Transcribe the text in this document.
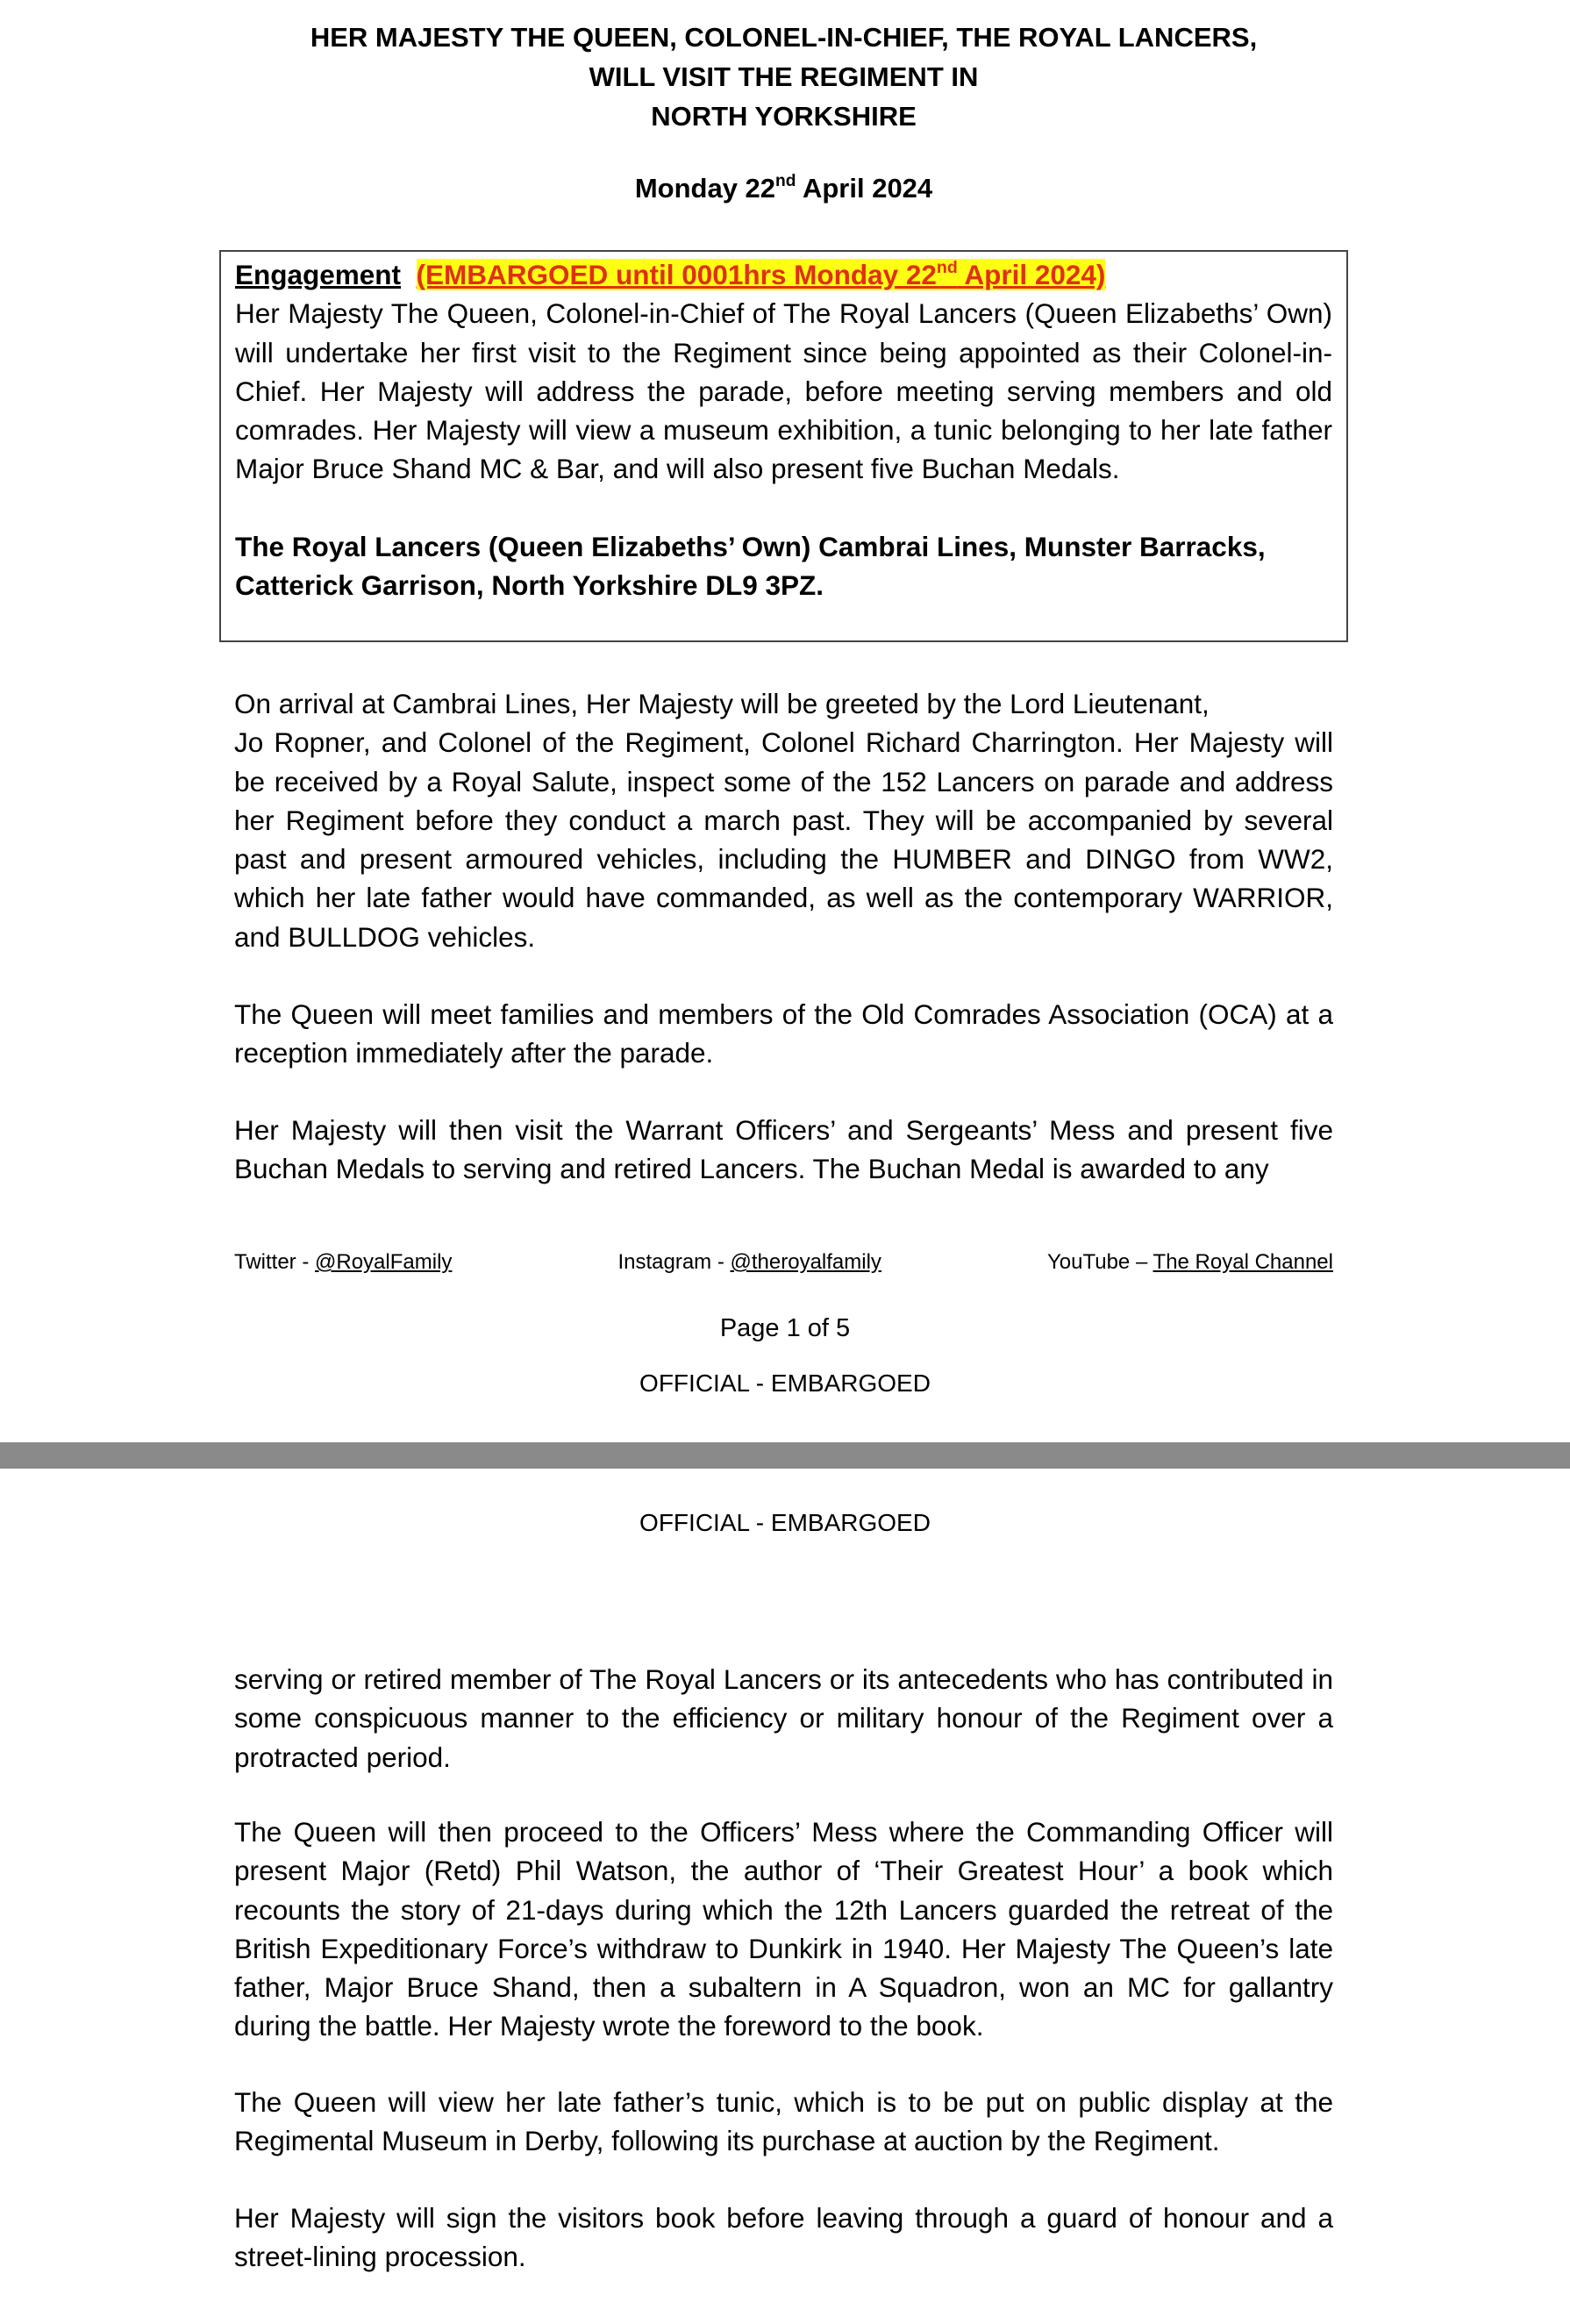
HER MAJESTY THE QUEEN, COLONEL-IN-CHIEF, THE ROYAL LANCERS,
WILL VISIT THE REGIMENT IN
NORTH YORKSHIRE
Monday 22nd April 2024
Engagement (EMBARGOED until 0001hrs Monday 22nd April 2024)

Her Majesty The Queen, Colonel-in-Chief of The Royal Lancers (Queen Elizabeths’ Own) will undertake her first visit to the Regiment since being appointed as their Colonel-in-Chief. Her Majesty will address the parade, before meeting serving members and old comrades. Her Majesty will view a museum exhibition, a tunic belonging to her late father Major Bruce Shand MC & Bar, and will also present five Buchan Medals.

The Royal Lancers (Queen Elizabeths’ Own) Cambrai Lines, Munster Barracks,
Catterick Garrison, North Yorkshire DL9 3PZ.
On arrival at Cambrai Lines, Her Majesty will be greeted by the Lord Lieutenant,

Jo Ropner, and Colonel of the Regiment, Colonel Richard Charrington. Her Majesty will be received by a Royal Salute, inspect some of the 152 Lancers on parade and address her Regiment before they conduct a march past. They will be accompanied by several past and present armoured vehicles, including the HUMBER and DINGO from WW2, which her late father would have commanded, as well as the contemporary WARRIOR, and BULLDOG vehicles.

The Queen will meet families and members of the Old Comrades Association (OCA) at a reception immediately after the parade.

Her Majesty will then visit the Warrant Officers’ and Sergeants’ Mess and present five Buchan Medals to serving and retired Lancers. The Buchan Medal is awarded to any

Twitter - @RoyalFamily	Instagram - @theroyalfamily	YouTube – The Royal Channel
Page 1 of 5
OFFICIAL - EMBARGOED
OFFICIAL - EMBARGOED

serving or retired member of The Royal Lancers or its antecedents who has contributed in some conspicuous manner to the efficiency or military honour of the Regiment over a protracted period.

The Queen will then proceed to the Officers’ Mess where the Commanding Officer will present Major (Retd) Phil Watson, the author of ‘Their Greatest Hour’ a book which recounts the story of 21-days during which the 12th Lancers guarded the retreat of the British Expeditionary Force’s withdraw to Dunkirk in 1940. Her Majesty The Queen’s late father, Major Bruce Shand, then a subaltern in A Squadron, won an MC for gallantry during the battle. Her Majesty wrote the foreword to the book.

The Queen will view her late father’s tunic, which is to be put on public display at the Regimental Museum in Derby, following its purchase at auction by the Regiment.

Her Majesty will sign the visitors book before leaving through a guard of honour and a street-lining procession.
